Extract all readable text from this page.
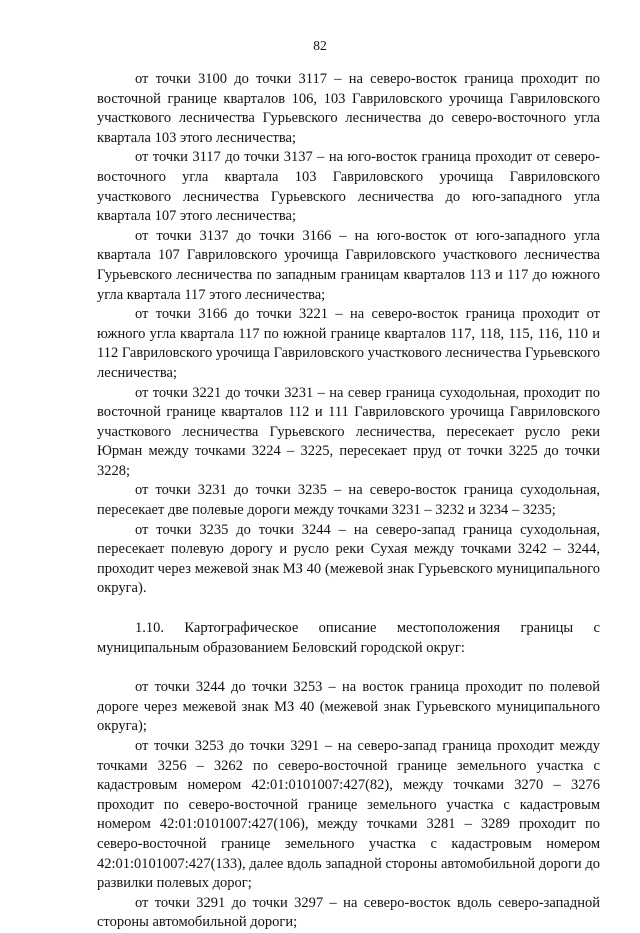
82

от точки 3100 до точки 3117 – на северо-восток граница проходит по восточной границе кварталов 106, 103 Гавриловского урочища Гавриловского участкового лесничества Гурьевского лесничества до северо-восточного угла квартала 103 этого лесничества;

от точки 3117 до точки 3137 – на юго-восток граница проходит от северо-восточного угла квартала 103 Гавриловского урочища Гавриловского участкового лесничества Гурьевского лесничества до юго-западного угла квартала 107 этого лесничества;

от точки 3137 до точки 3166 – на юго-восток от юго-западного угла квартала 107 Гавриловского урочища Гавриловского участкового лесничества Гурьевского лесничества по западным границам кварталов 113 и 117 до южного угла квартала 117 этого лесничества;

от точки 3166 до точки 3221 – на северо-восток граница проходит от южного угла квартала 117 по южной границе кварталов 117, 118, 115, 116, 110 и 112 Гавриловского урочища Гавриловского участкового лесничества Гурьевского лесничества;

от точки 3221 до точки 3231 – на север граница суходольная, проходит по восточной границе кварталов 112 и 111 Гавриловского урочища Гавриловского участкового лесничества Гурьевского лесничества, пересекает русло реки Юрман между точками 3224 – 3225, пересекает пруд от точки 3225 до точки 3228;

от точки 3231 до точки 3235 – на северо-восток граница суходольная, пересекает две полевые дороги между точками 3231 – 3232 и 3234 – 3235;

от точки 3235 до точки 3244 – на северо-запад граница суходольная, пересекает полевую дорогу и русло реки Сухая между точками 3242 – 3244, проходит через межевой знак МЗ 40 (межевой знак Гурьевского муниципального округа).

1.10. Картографическое описание местоположения границы с муниципальным образованием Беловский городской округ:

от точки 3244 до точки 3253 – на восток граница проходит по полевой дороге через межевой знак МЗ 40 (межевой знак Гурьевского муниципального округа);

от точки 3253 до точки 3291 – на северо-запад граница проходит между точками 3256 – 3262 по северо-восточной границе земельного участка с кадастровым номером 42:01:0101007:427(82), между точками 3270 – 3276 проходит по северо-восточной границе земельного участка с кадастровым номером 42:01:0101007:427(106), между точками 3281 – 3289 проходит по северо-восточной границе земельного участка с кадастровым номером 42:01:0101007:427(133), далее вдоль западной стороны автомобильной дороги до развилки полевых дорог;

от точки 3291 до точки 3297 – на северо-восток вдоль северо-западной стороны автомобильной дороги;
